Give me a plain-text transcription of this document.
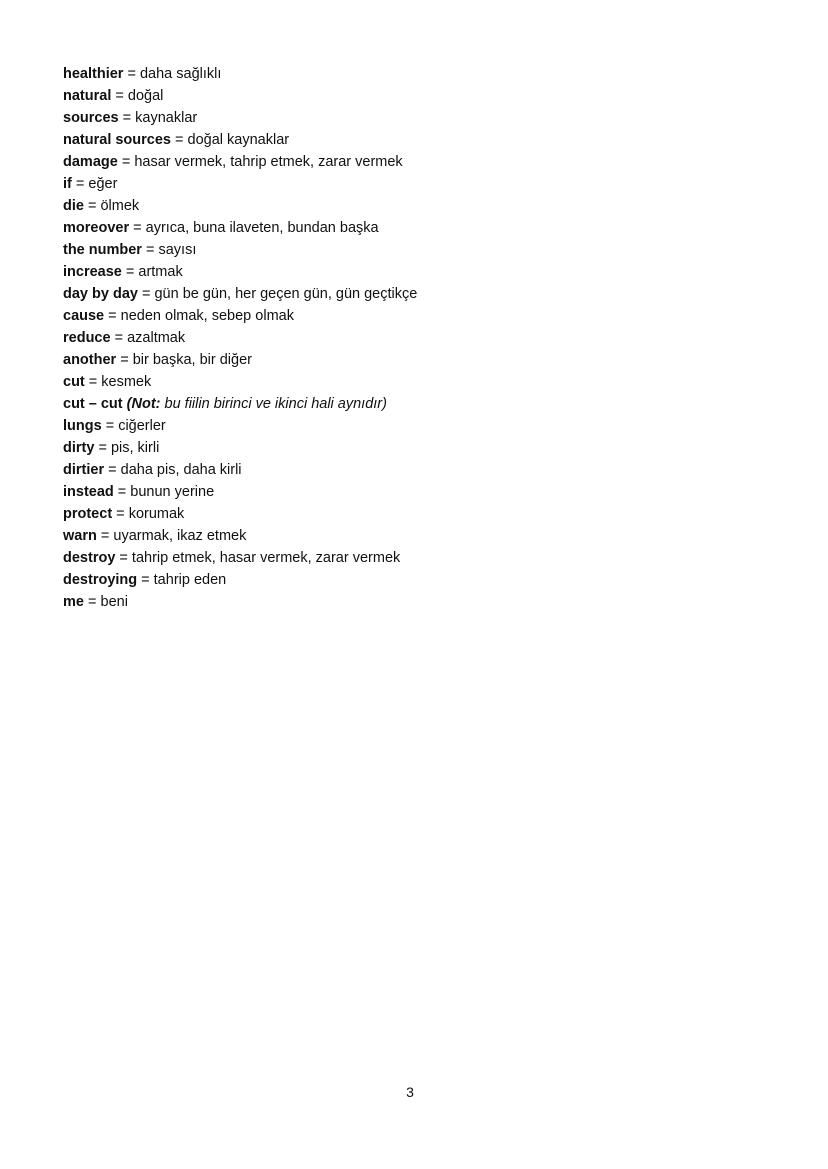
healthier = daha sağlıklı
natural = doğal
sources = kaynaklar
natural sources = doğal kaynaklar
damage = hasar vermek, tahrip etmek, zarar vermek
if = eğer
die = ölmek
moreover = ayrıca, buna ilaveten, bundan başka
the number = sayısı
increase = artmak
day by day = gün be gün, her geçen gün, gün geçtikçe
cause = neden olmak, sebep olmak
reduce = azaltmak
another = bir başka, bir diğer
cut = kesmek
cut – cut (Not: bu fiilin birinci ve ikinci hali aynıdır)
lungs = ciğerler
dirty = pis, kirli
dirtier = daha pis, daha kirli
instead = bunun yerine
protect = korumak
warn = uyarmak, ikaz etmek
destroy = tahrip etmek, hasar vermek, zarar vermek
destroying = tahrip eden
me = beni
3
